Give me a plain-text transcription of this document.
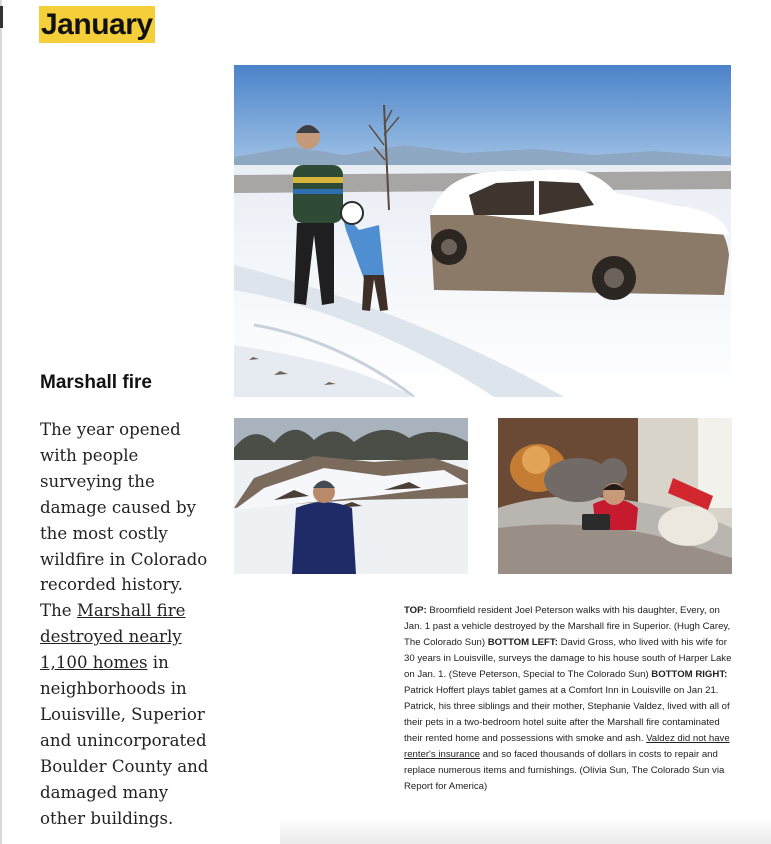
January
Marshall fire
The year opened with people surveying the damage caused by the most costly wildfire in Colorado recorded history. The Marshall fire destroyed nearly 1,100 homes in neighborhoods in Louisville, Superior and unincorporated Boulder County and damaged many other buildings.
TOP: Broomfield resident Joel Peterson walks with his daughter, Every, on Jan. 1 past a vehicle destroyed by the Marshall fire in Superior. (Hugh Carey, The Colorado Sun) BOTTOM LEFT: David Gross, who lived with his wife for 30 years in Louisville, surveys the damage to his house south of Harper Lake on Jan. 1. (Steve Peterson, Special to The Colorado Sun) BOTTOM RIGHT: Patrick Hoffert plays tablet games at a Comfort Inn in Louisville on Jan 21. Patrick, his three siblings and their mother, Stephanie Valdez, lived with all of their pets in a two-bedroom hotel suite after the Marshall fire contaminated their rented home and possessions with smoke and ash. Valdez did not have renter's insurance and so faced thousands of dollars in costs to repair and replace numerous items and furnishings. (Olivia Sun, The Colorado Sun via Report for America)
